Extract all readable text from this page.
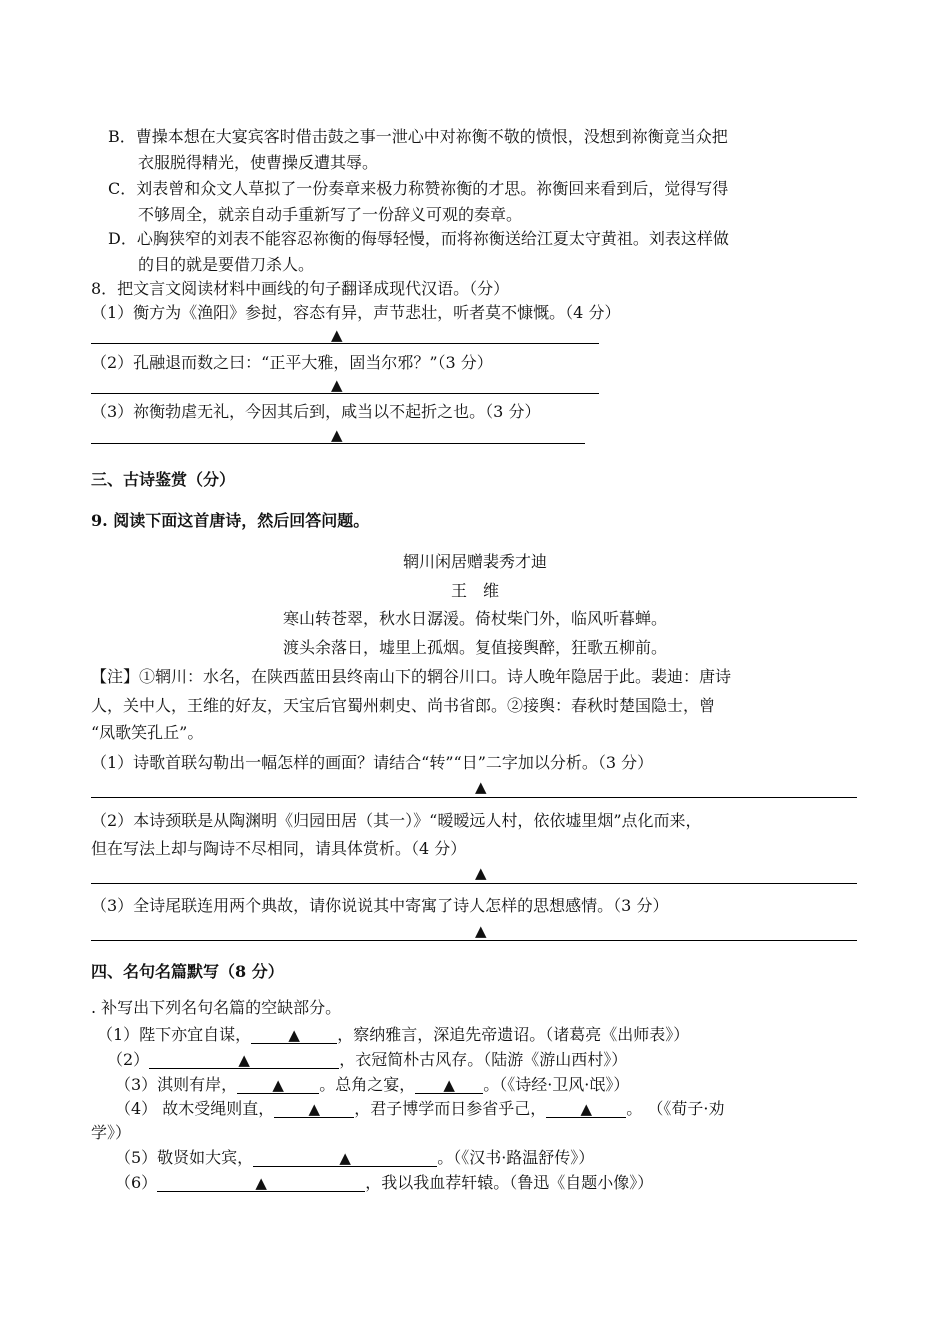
B．曹操本想在大宴宾客时借击鼓之事一泄心中对祢衡不敬的愤恨，没想到祢衡竟当众把
衣服脱得精光，使曹操反遭其辱。
C．刘表曾和众文人草拟了一份奏章来极力称赞祢衡的才思。祢衡回来看到后，觉得写得
不够周全，就亲自动手重新写了一份辞义可观的奏章。
D．心胸狭窄的刘表不能容忍祢衡的侮辱轻慢，而将祢衡送给江夏太守黄祖。刘表这样做
的目的就是要借刀杀人。
8．把文言文阅读材料中画线的句子翻译成现代汉语。（分）
（1）衡方为《渔阳》参挝，容态有异，声节悲壮，听者莫不慷慨。（4 分）
▲
（2）孔融退而数之曰：“正平大雅，固当尔邪？”（3 分）
▲
（3）祢衡勃虐无礼，今因其后到，咸当以不起折之也。（3 分）
▲
三、古诗鉴赏（分）
9. 阅读下面这首唐诗，然后回答问题。
辋川闲居赠裴秀才迪
王　维
寒山转苍翠，秋水日潺湲。倚杖柴门外，临风听暮蝉。
渡头余落日，墟里上孤烟。复值接舆醉，狂歌五柳前。
【注】①辋川：水名，在陕西蓝田县终南山下的辋谷川口。诗人晚年隐居于此。裴迪：唐诗
人，关中人，王维的好友，天宝后官蜀州刺史、尚书省郎。②接舆：春秋时楚国隐士，曾
“凤歌笑孔丘”。
（1）诗歌首联勾勒出一幅怎样的画面？请结合“转”“日”二字加以分析。（3 分）
▲
（2）本诗颈联是从陶渊明《归园田居（其一）》“暧暧远人村，依依墟里烟”点化而来，
但在写法上却与陶诗不尽相同，请具体赏析。（4 分）
▲
（3）全诗尾联连用两个典故，请你说说其中寄寓了诗人怎样的思想感情。（3 分）
▲
四、名句名篇默写（8 分）
. 补写出下列名句名篇的空缺部分。
（1）陛下亦宜自谋， ▲ ，察纳雅言，深追先帝遗诏。（诸葛亮《出师表》）
（2）	▲	，衣冠简朴古风存。（陆游《游山西村》）
（3）淇则有岸， ▲ 。总角之宴， ▲ 。（《诗经·卫风·氓》）
（4） 故木受绳则直， ▲ ，君子博学而日参省乎己， ▲ 。 （《荀子·劝
学》）
（5）敬贤如大宾，	▲	。（《汉书·路温舒传》）
（6）	▲	，我以我血荐轩辕。（鲁迅《自题小像》）
